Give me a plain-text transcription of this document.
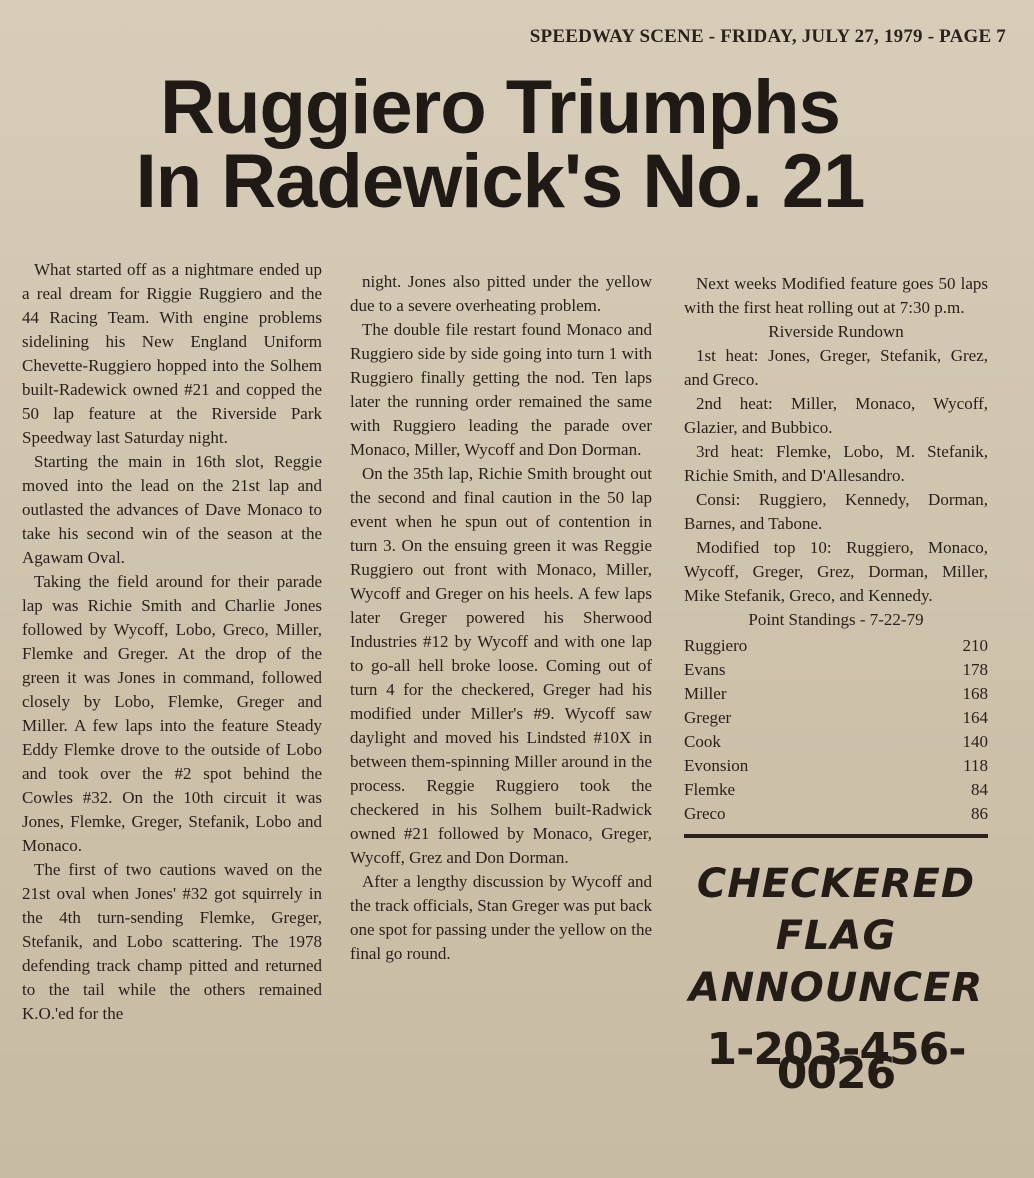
SPEEDWAY SCENE - FRIDAY, JULY 27, 1979 - PAGE 7
Ruggiero Triumphs
In Radewick's No. 21

What started off as a nightmare ended up a real dream for Riggie Ruggiero and the 44 Racing Team. With engine problems sidelining his New England Uniform Chevette-Ruggiero hopped into the Solhem built-Radewick owned #21 and copped the 50 lap feature at the Riverside Park Speedway last Saturday night.

Starting the main in 16th slot, Reggie moved into the lead on the 21st lap and outlasted the advances of Dave Monaco to take his second win of the season at the Agawam Oval.

Taking the field around for their parade lap was Richie Smith and Charlie Jones followed by Wycoff, Lobo, Greco, Miller, Flemke and Greger. At the drop of the green it was Jones in command, followed closely by Lobo, Flemke, Greger and Miller. A few laps into the feature Steady Eddy Flemke drove to the outside of Lobo and took over the #2 spot behind the Cowles #32. On the 10th circuit it was Jones, Flemke, Greger, Stefanik, Lobo and Monaco.

The first of two cautions waved on the 21st oval when Jones' #32 got squirrely in the 4th turn-sending Flemke, Greger, Stefanik, and Lobo scattering. The 1978 defending track champ pitted and returned to the tail while the others remained K.O.'ed for the

night. Jones also pitted under the yellow due to a severe overheating problem.

The double file restart found Monaco and Ruggiero side by side going into turn 1 with Ruggiero finally getting the nod. Ten laps later the running order remained the same with Ruggiero leading the parade over Monaco, Miller, Wycoff and Don Dorman.

On the 35th lap, Richie Smith brought out the second and final caution in the 50 lap event when he spun out of contention in turn 3. On the ensuing green it was Reggie Ruggiero out front with Monaco, Miller, Wycoff and Greger on his heels. A few laps later Greger powered his Sherwood Industries #12 by Wycoff and with one lap to go-all hell broke loose. Coming out of turn 4 for the checkered, Greger had his modified under Miller's #9. Wycoff saw daylight and moved his Lindsted #10X in between them-spinning Miller around in the process. Reggie Ruggiero took the checkered in his Solhem built-Radwick owned #21 followed by Monaco, Greger, Wycoff, Grez and Don Dorman.

After a lengthy discussion by Wycoff and the track officials, Stan Greger was put back one spot for passing under the yellow on the final go round.

Next weeks Modified feature goes 50 laps with the first heat rolling out at 7:30 p.m.

Riverside Rundown

1st heat: Jones, Greger, Stefanik, Grez, and Greco.

2nd heat: Miller, Monaco, Wycoff, Glazier, and Bubbico.

3rd heat: Flemke, Lobo, M. Stefanik, Richie Smith, and D'Allesandro.

Consi: Ruggiero, Kennedy, Dorman, Barnes, and Tabone.

Modified top 10: Ruggiero, Monaco, Wycoff, Greger, Grez, Dorman, Miller, Mike Stefanik, Greco, and Kennedy.

Point Standings - 7-22-79

Ruggiero	210
Evans	178
Miller	168
Greger	164
Cook	140
Evonsion	118
Flemke	84
Greco	86
CHECKERED
FLAG ANNOUNCER
1-203-456-0026
